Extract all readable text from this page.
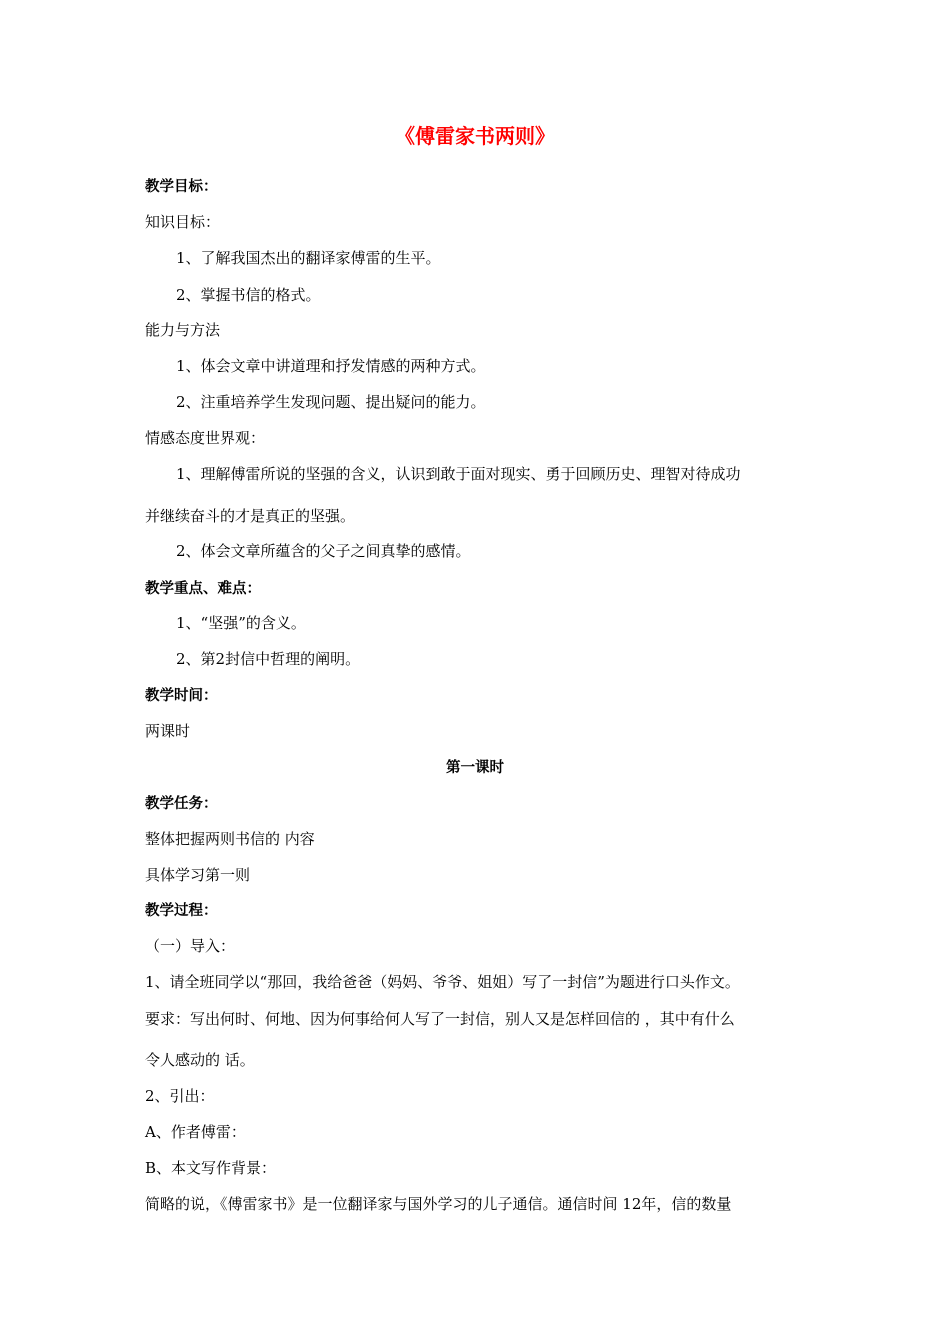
《傅雷家书两则》
教学目标：
知识目标：
1、了解我国杰出的翻译家傅雷的生平。
2、掌握书信的格式。
能力与方法
1、体会文章中讲道理和抒发情感的两种方式。
2、注重培养学生发现问题、提出疑问的能力。
情感态度世界观：
1、理解傅雷所说的坚强的含义，认识到敢于面对现实、勇于回顾历史、理智对待成功
并继续奋斗的才是真正的坚强。
2、体会文章所蕴含的父子之间真挚的感情。
教学重点、难点：
1、“坚强”的含义。
2、第2封信中哲理的阐明。
教学时间：
两课时
第一课时
教学任务：
整体把握两则书信的 内容
具体学习第一则
教学过程：
（一）导入：
1、请全班同学以“那回，我给爸爸（妈妈、爷爷、姐姐）写了一封信”为题进行口头作文。
要求：写出何时、何地、因为何事给何人写了一封信，别人又是怎样回信的 ，其中有什么
令人感动的 话。
2、引出：
A、作者傅雷：
B、本文写作背景：
简略的说，《傅雷家书》是一位翻译家与国外学习的儿子通信。通信时间 12年，信的数量
